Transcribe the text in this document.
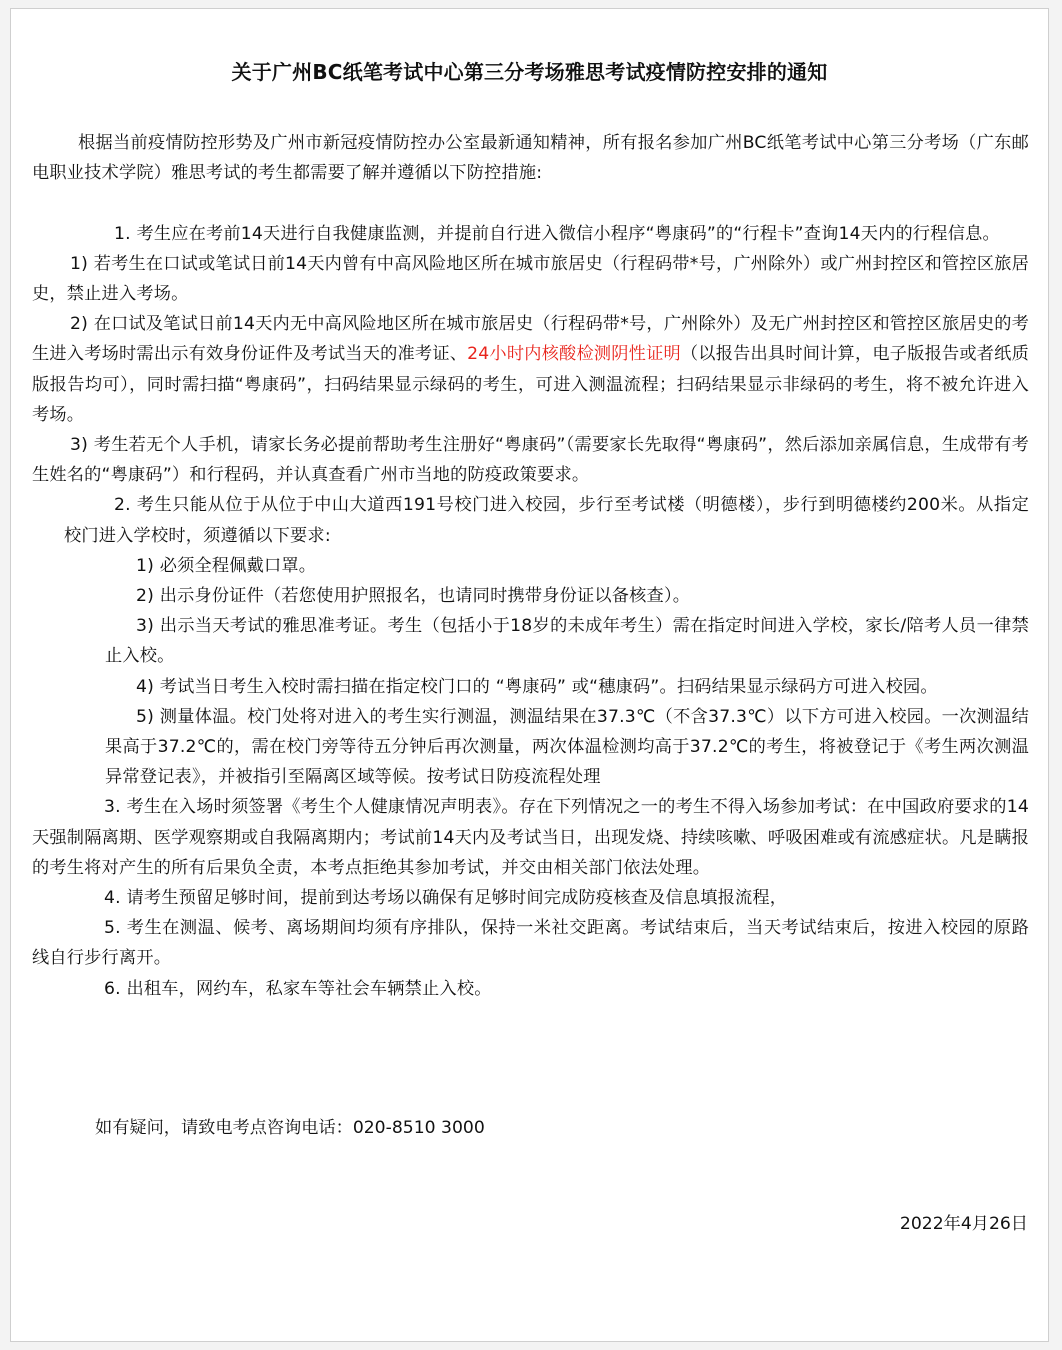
关于广州BC纸笔考试中心第三分考场雅思考试疫情防控安排的通知

根据当前疫情防控形势及广州市新冠疫情防控办公室最新通知精神，所有报名参加广州BC纸笔考试中心第三分考场（广东邮电职业技术学院）雅思考试的考生都需要了解并遵循以下防控措施:

1. 考生应在考前14天进行自我健康监测，并提前自行进入微信小程序“粤康码”的“行程卡”查询14天内的行程信息。

1) 若考生在口试或笔试日前14天内曾有中高风险地区所在城市旅居史（行程码带*号，广州除外）或广州封控区和管控区旅居史，禁止进入考场。

2) 在口试及笔试日前14天内无中高风险地区所在城市旅居史（行程码带*号，广州除外）及无广州封控区和管控区旅居史的考生进入考场时需出示有效身份证件及考试当天的准考证、24小时内核酸检测阴性证明（以报告出具时间计算，电子版报告或者纸质版报告均可），同时需扫描“粤康码”，扫码结果显示绿码的考生，可进入测温流程；扫码结果显示非绿码的考生，将不被允许进入考场。

3) 考生若无个人手机，请家长务必提前帮助考生注册好“粤康码”（需要家长先取得“粤康码”，然后添加亲属信息，生成带有考生姓名的“粤康码”）和行程码，并认真查看广州市当地的防疫政策要求。

2. 考生只能从位于从位于中山大道西191号校门进入校园，步行至考试楼（明德楼），步行到明德楼约200米。从指定校门进入学校时，须遵循以下要求:

1) 必须全程佩戴口罩。

2) 出示身份证件（若您使用护照报名，也请同时携带身份证以备核查）。

3) 出示当天考试的雅思准考证。考生（包括小于18岁的未成年考生）需在指定时间进入学校，家长/陪考人员一律禁止入校。

4) 考试当日考生入校时需扫描在指定校门口的 “粤康码” 或“穗康码”。扫码结果显示绿码方可进入校园。

5) 测量体温。校门处将对进入的考生实行测温，测温结果在37.3℃（不含37.3℃）以下方可进入校园。一次测温结果高于37.2℃的，需在校门旁等待五分钟后再次测量，两次体温检测均高于37.2℃的考生，将被登记于《考生两次测温异常登记表》，并被指引至隔离区域等候。按考试日防疫流程处理

3. 考生在入场时须签署《考生个人健康情况声明表》。存在下列情况之一的考生不得入场参加考试：在中国政府要求的14天强制隔离期、医学观察期或自我隔离期内；考试前14天内及考试当日，出现发烧、持续咳嗽、呼吸困难或有流感症状。凡是瞒报的考生将对产生的所有后果负全责，本考点拒绝其参加考试，并交由相关部门依法处理。

4. 请考生预留足够时间，提前到达考场以确保有足够时间完成防疫核查及信息填报流程，

5. 考生在测温、候考、离场期间均须有序排队，保持一米社交距离。考试结束后，当天考试结束后，按进入校园的原路线自行步行离开。

6. 出租车，网约车，私家车等社会车辆禁止入校。

如有疑问，请致电考点咨询电话：020-8510 3000
2022年4月26日
